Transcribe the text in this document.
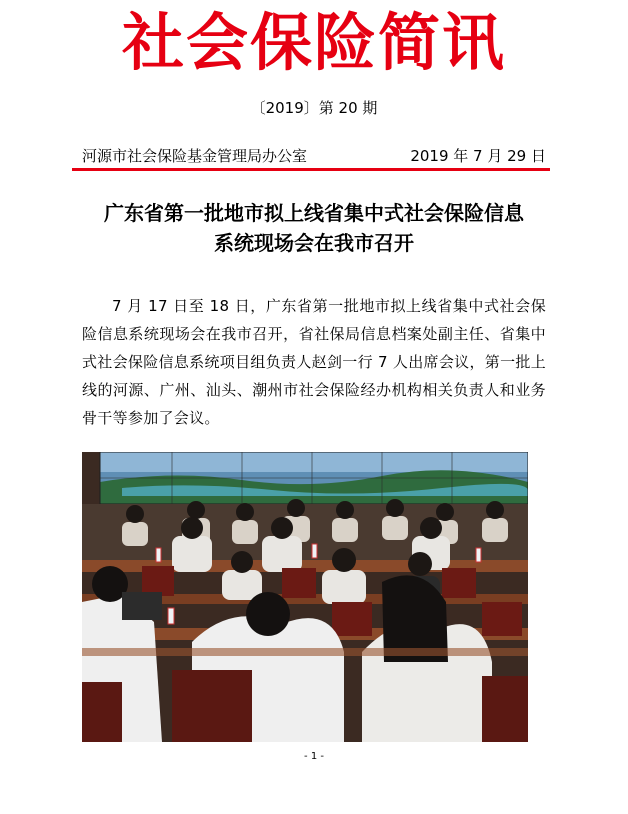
社会保险简讯
〔2019〕第 20 期
河源市社会保险基金管理局办公室	2019 年 7 月 29 日
广东省第一批地市拟上线省集中式社会保险信息
系统现场会在我市召开
7 月 17 日至 18 日，广东省第一批地市拟上线省集中式社会保险信息系统现场会在我市召开，省社保局信息档案处副主任、省集中式社会保险信息系统项目组负责人赵剑一行 7 人出席会议，第一批上线的河源、广州、汕头、潮州市社会保险经办机构相关负责人和业务骨干等参加了会议。
- 1 -
